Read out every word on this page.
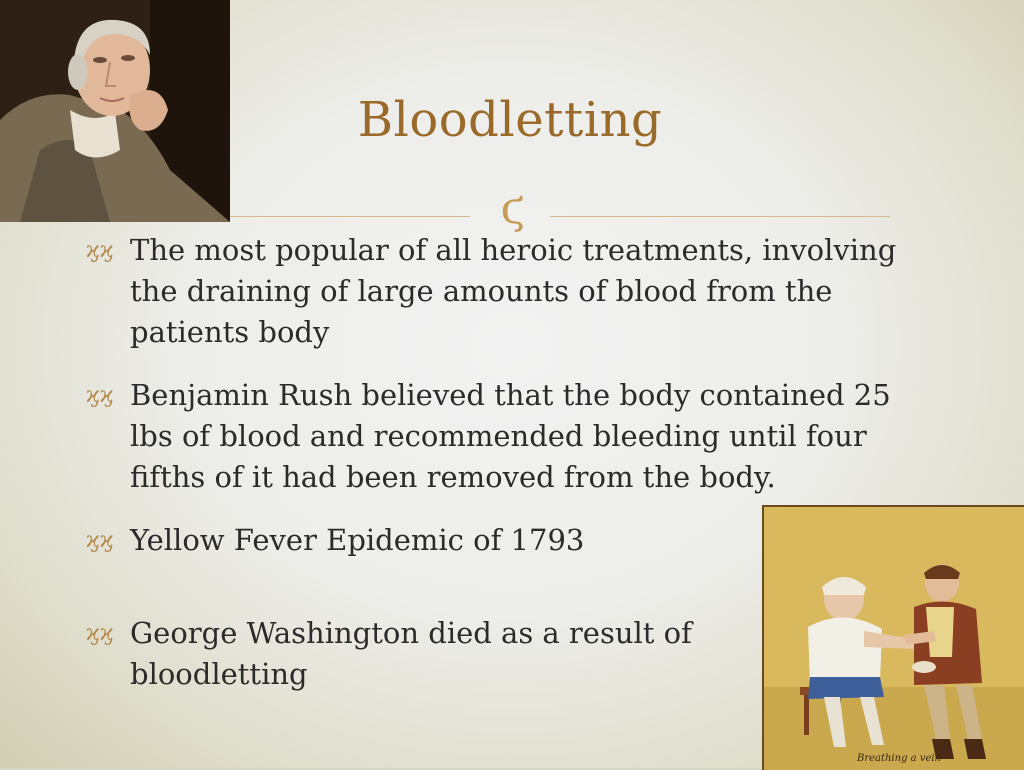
Bloodletting
ϛ
ϗϗ The most popular of all heroic treatments, involving the draining of large amounts of blood from the patients body
ϗϗ Benjamin Rush believed that the body contained 25 lbs of blood and recommended bleeding until four fifths of it had been removed from the body.
ϗϗ Yellow Fever Epidemic of 1793
ϗϗ George Washington died as a result of bloodletting
Breathing a vein
